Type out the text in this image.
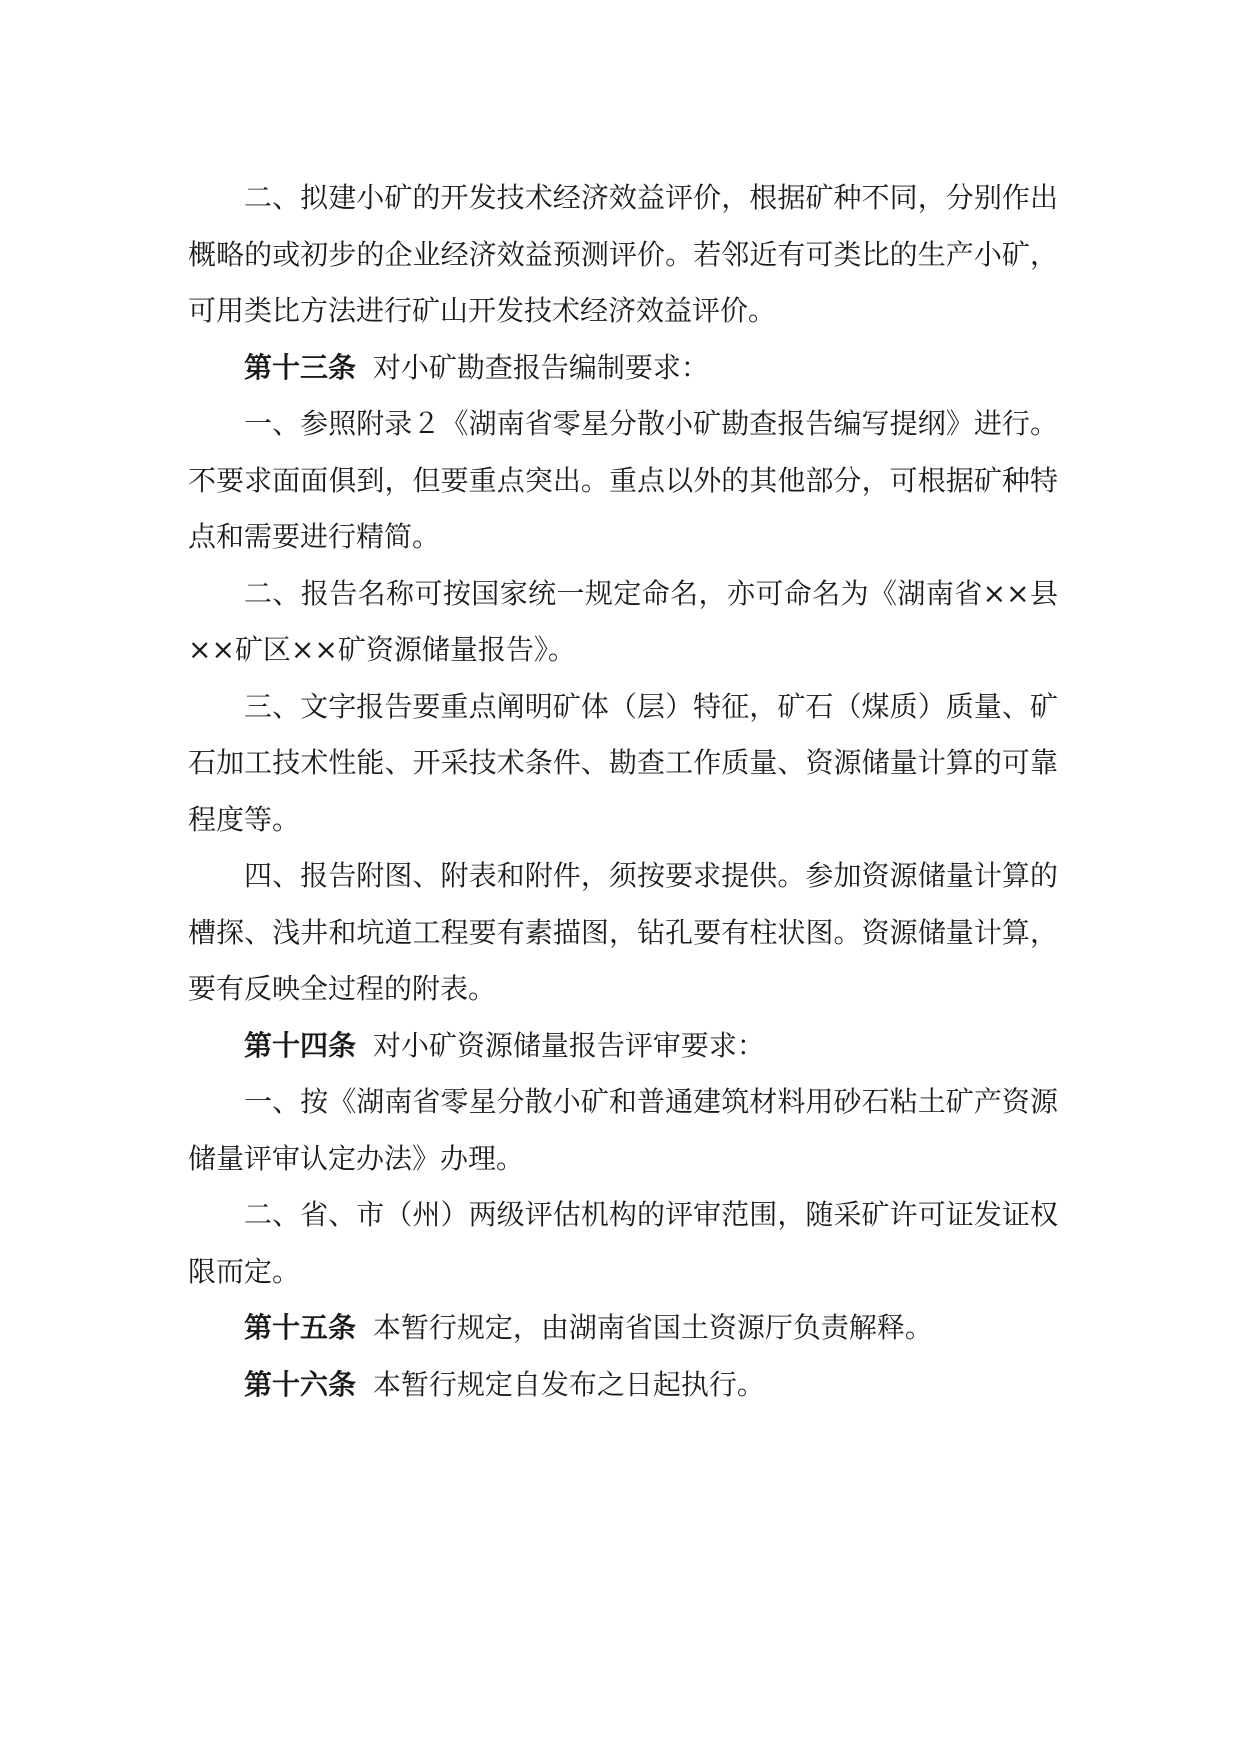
二、拟建小矿的开发技术经济效益评价，根据矿种不同，分别作出概略的或初步的企业经济效益预测评价。若邻近有可类比的生产小矿，可用类比方法进行矿山开发技术经济效益评价。

第十三条 对小矿勘查报告编制要求：

一、参照附录２《湖南省零星分散小矿勘查报告编写提纲》进行。不要求面面俱到，但要重点突出。重点以外的其他部分，可根据矿种特点和需要进行精简。

二、报告名称可按国家统一规定命名，亦可命名为《湖南省××县××矿区××矿资源储量报告》。

三、文字报告要重点阐明矿体（层）特征，矿石（煤质）质量、矿石加工技术性能、开采技术条件、勘查工作质量、资源储量计算的可靠程度等。

四、报告附图、附表和附件，须按要求提供。参加资源储量计算的槽探、浅井和坑道工程要有素描图，钻孔要有柱状图。资源储量计算，要有反映全过程的附表。

第十四条 对小矿资源储量报告评审要求：

一、按《湖南省零星分散小矿和普通建筑材料用砂石粘土矿产资源储量评审认定办法》办理。

二、省、市（州）两级评估机构的评审范围，随采矿许可证发证权限而定。

第十五条 本暂行规定，由湖南省国土资源厅负责解释。

第十六条 本暂行规定自发布之日起执行。
